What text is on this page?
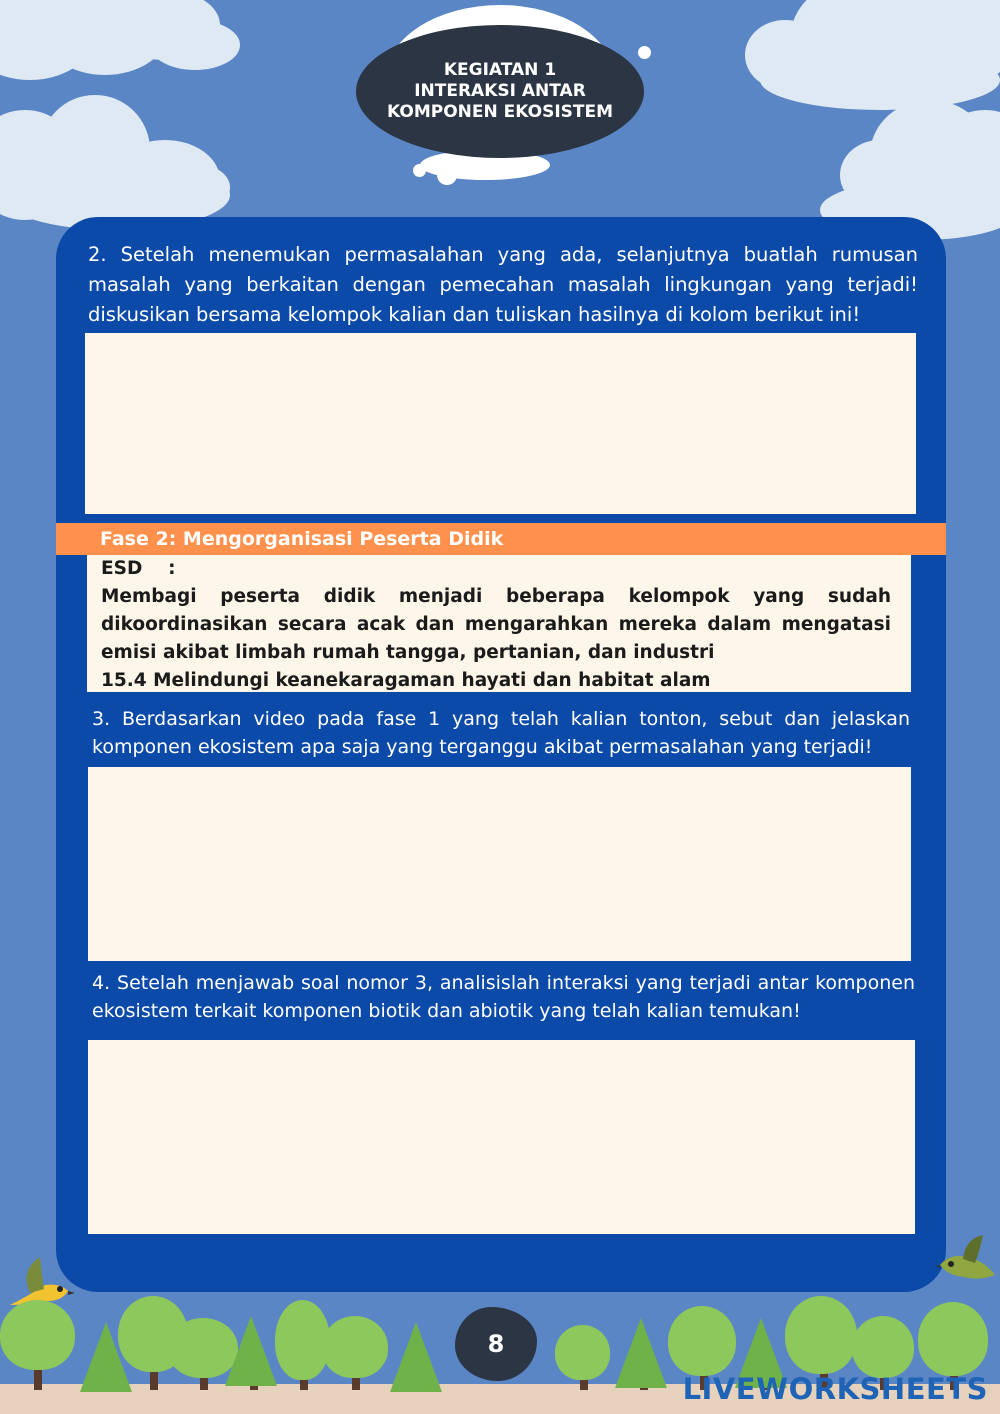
KEGIATAN 1
INTERAKSI ANTAR
KOMPONEN EKOSISTEM
2. Setelah menemukan permasalahan yang ada, selanjutnya buatlah rumusan masalah yang berkaitan dengan pemecahan masalah lingkungan yang terjadi! diskusikan bersama kelompok kalian dan tuliskan hasilnya di kolom berikut ini!
Fase 2: Mengorganisasi Peserta Didik

ESD    :

Membagi peserta didik menjadi beberapa kelompok yang sudah dikoordinasikan secara acak dan mengarahkan mereka dalam mengatasi emisi akibat limbah rumah tangga, pertanian, dan industri

15.4 Melindungi keanekaragaman hayati dan habitat alam

3. Berdasarkan video pada fase 1 yang telah kalian tonton, sebut dan jelaskan komponen ekosistem apa saja yang terganggu akibat permasalahan yang terjadi!
4. Setelah menjawab soal nomor 3, analisislah interaksi yang terjadi antar komponen ekosistem terkait komponen biotik dan abiotik yang telah kalian temukan!
8
LIVEWORKSHEETS
